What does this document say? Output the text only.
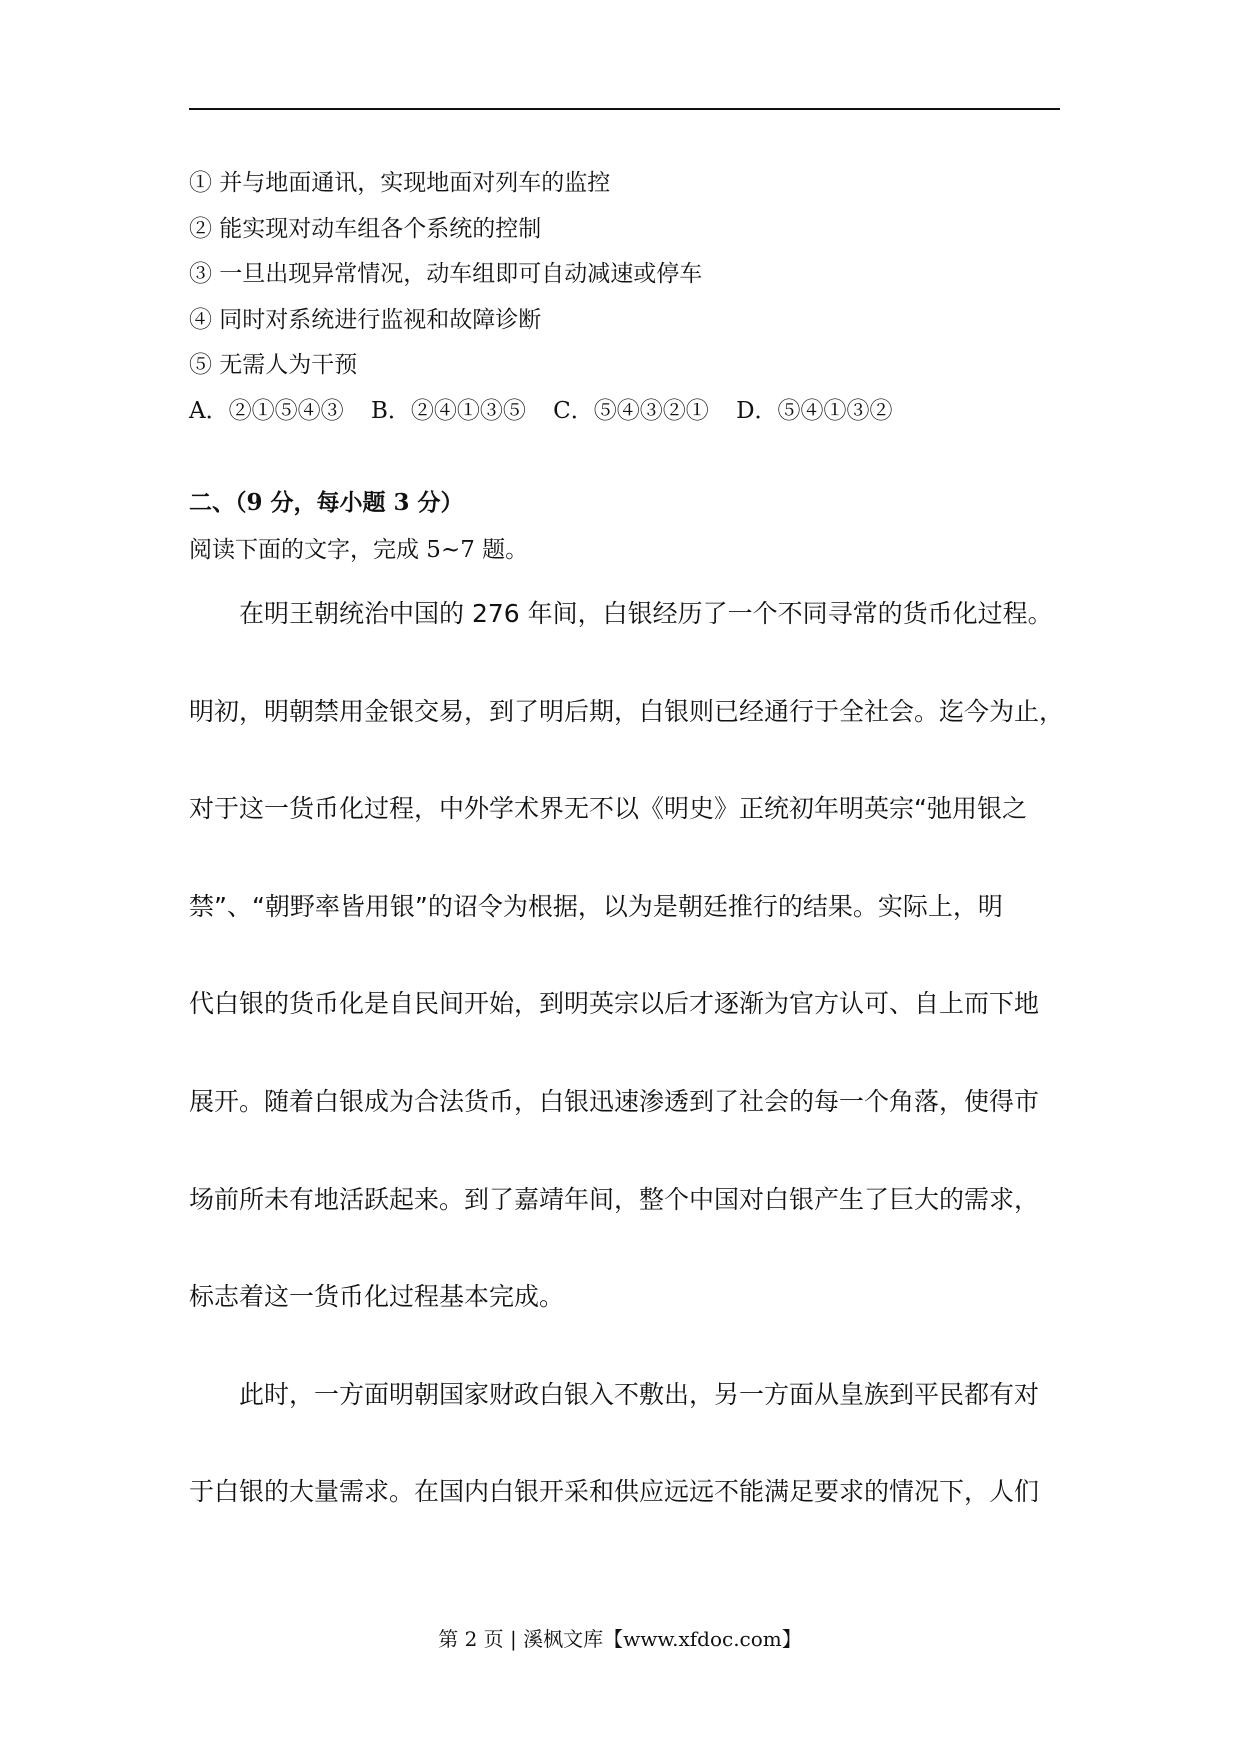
① 并与地面通讯，实现地面对列车的监控
② 能实现对动车组各个系统的控制
③ 一旦出现异常情况，动车组即可自动减速或停车
④ 同时对系统进行监视和故障诊断
⑤ 无需人为干预
A．②①⑤④③ B．②④①③⑤ C．⑤④③②① D．⑤④①③②
二、（9 分，每小题 3 分）
阅读下面的文字，完成 5~7 题。
　　在明王朝统治中国的 276 年间，白银经历了一个不同寻常的货币化过程。
明初，明朝禁用金银交易，到了明后期，白银则已经通行于全社会。迄今为止，
对于这一货币化过程，中外学术界无不以《明史》正统初年明英宗“弛用银之
禁”、“朝野率皆用银”的诏令为根据，以为是朝廷推行的结果。实际上，明
代白银的货币化是自民间开始，到明英宗以后才逐渐为官方认可、自上而下地
展开。随着白银成为合法货币，白银迅速渗透到了社会的每一个角落，使得市
场前所未有地活跃起来。到了嘉靖年间，整个中国对白银产生了巨大的需求，
标志着这一货币化过程基本完成。
　　此时，一方面明朝国家财政白银入不敷出，另一方面从皇族到平民都有对
于白银的大量需求。在国内白银开采和供应远远不能满足要求的情况下，人们
第 2 页 | 溪枫文库【www.xfdoc.com】
